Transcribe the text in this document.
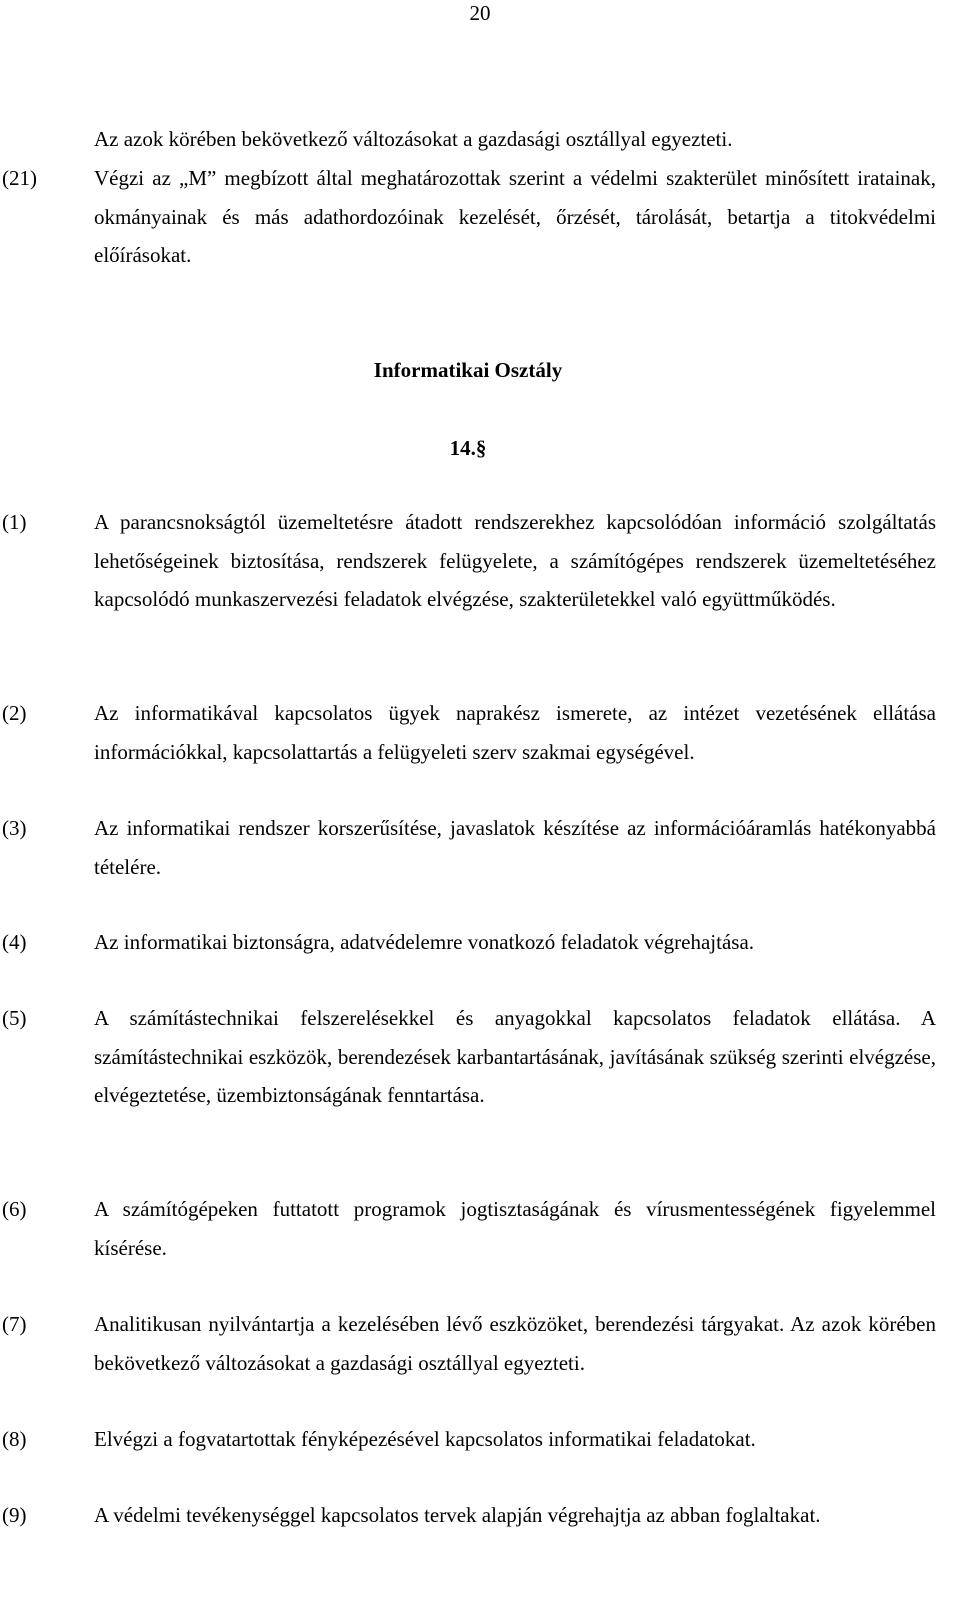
20
Az azok körében bekövetkező változásokat a gazdasági osztállyal egyezteti.
(21)	Végzi az „M” megbízott által meghatározottak szerint a védelmi szakterület minősített iratainak, okmányainak és más adathordozóinak kezelését, őrzését, tárolását, betartja a titokvédelmi előírásokat.
Informatikai Osztály
14.§
(1)	A parancsnokságtól üzemeltetésre átadott rendszerekhez kapcsolódóan információ szolgáltatás lehetőségeinek biztosítása, rendszerek felügyelete, a számítógépes rendszerek üzemeltetéséhez kapcsolódó munkaszervezési feladatok elvégzése, szakterületekkel való együttműködés.
(2)	Az informatikával kapcsolatos ügyek naprakész ismerete, az intézet vezetésének ellátása információkkal, kapcsolattartás a felügyeleti szerv szakmai egységével.
(3)	Az informatikai rendszer korszerűsítése, javaslatok készítése az információáramlás hatékonyabbá tételére.
(4)	Az informatikai biztonságra, adatvédelemre vonatkozó feladatok végrehajtása.
(5)	A számítástechnikai felszerelésekkel és anyagokkal kapcsolatos feladatok ellátása. A számítástechnikai eszközök, berendezések karbantartásának, javításának szükség szerinti elvégzése, elvégeztetése, üzembiztonságának fenntartása.
(6)	A számítógépeken futtatott programok jogtisztaságának és vírusmentességének figyelemmel kísérése.
(7)	Analitikusan nyilvántartja a kezelésében lévő eszközöket, berendezési tárgyakat. Az azok körében bekövetkező változásokat a gazdasági osztállyal egyezteti.
(8)	Elvégzi a fogvatartottak fényképezésével kapcsolatos informatikai feladatokat.
(9)	A védelmi tevékenységgel kapcsolatos tervek alapján végrehajtja az abban foglaltakat.
